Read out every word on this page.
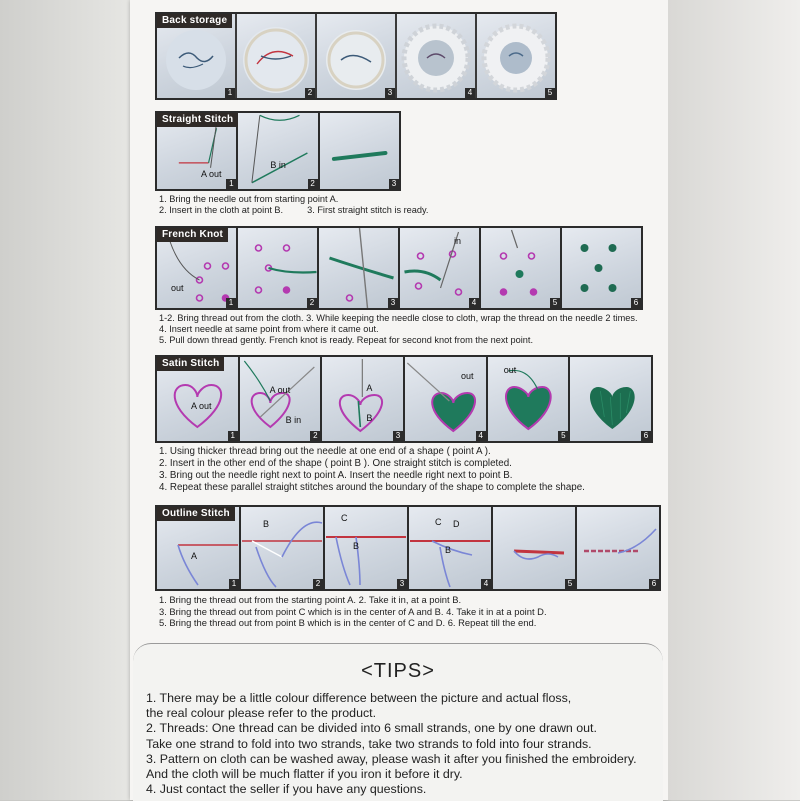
Back storage
1	2	3	4	5
Straight Stitch
A out
1
B in
2	3
1. Bring the needle out from starting point A.
2. Insert in the cloth at point B.	3. First straight stitch is ready.
French Knot
out
1	2	3
in
4	5	6
1-2. Bring thread out from the cloth. 3. While keeping the needle close to cloth, wrap the thread on the needle 2 times.
4. Insert needle at same point from where it came out.
5. Pull down thread gently. French knot is ready. Repeat for second knot from the next point.
Satin Stitch
A out
1
A out
B in
2
A
B
3
out
4
out
5	6
1. Using thicker thread bring out the needle at one end of a shape ( point A ).
2. Insert in the other end of the shape ( point B ). One straight stitch is completed.
3. Bring out the needle right next to point A. Insert the needle right next to point B.
4. Repeat these parallel straight stitches around the boundary of the shape to complete the shape.
Outline Stitch
A
1
B
2
C
B
3
C D
B
4	5	6
1. Bring the thread out from the starting point A. 2. Take it in, at a point B.
3. Bring the thread out from point C which is in the center of A and B. 4. Take it in at a point D.
5. Bring the thread out from point B which is in the center of C and D. 6. Repeat till the end.
<TIPS>
1. There may be a little colour difference between the picture and actual floss,
the real colour please refer to the product.
2. Threads: One thread can be divided into 6 small strands, one by one drawn out.
Take one strand to fold into two strands, take two strands to fold into four strands.
3. Pattern on cloth can be washed away, please wash it after you finished the embroidery.
And the cloth will be much flatter if you iron it before it dry.
4. Just contact the seller if you have any questions.
